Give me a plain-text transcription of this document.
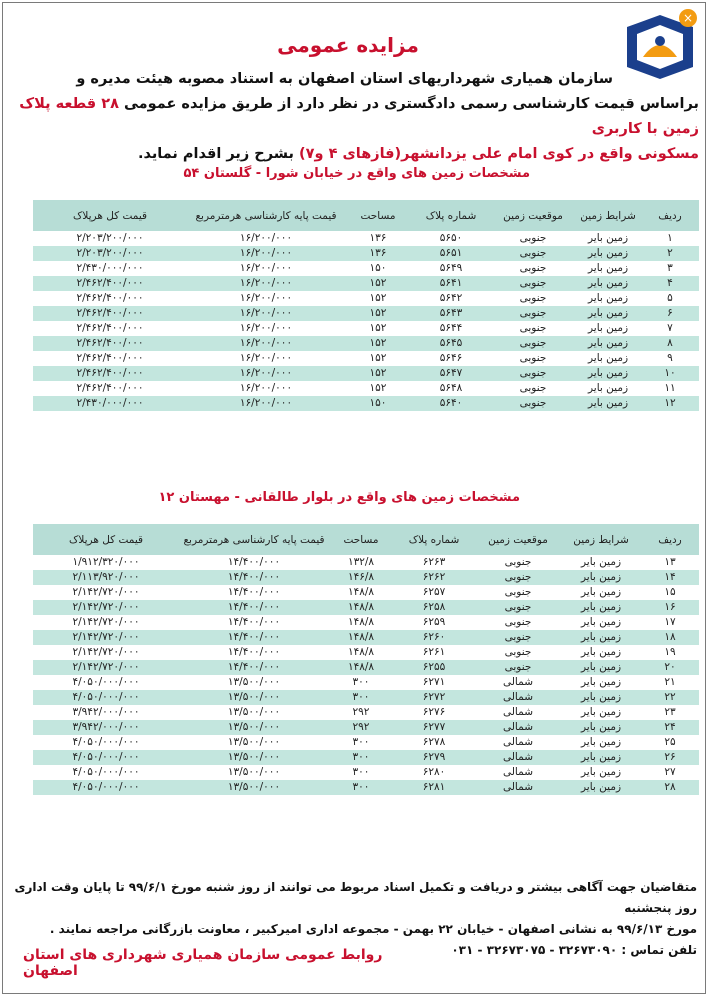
×
مزایده عمومی
سازمان همیاری شهرداریهای استان اصفهان به استناد مصوبه هیئت مدیره و
براساس قیمت کارشناسی رسمی دادگستری در نظر دارد از طریق مزایده عمومی ۲۸ قطعه پلاک زمین با کاربری
مسکونی واقع در کوی امام علی یزدانشهر(فازهای ۴ و۷) بشرح زیر اقدام نماید.
مشخصات زمین های واقع در خیابان شورا - گلستان ۵۴
ردیف	شرایط زمین	موقعیت زمین	شماره پلاک	مساحت	قیمت پایه کارشناسی هرمترمربع	قیمت کل هرپلاک
۱	زمین بایر	جنوبی	۵۶۵۰	۱۳۶	۱۶/۲۰۰/۰۰۰	۲/۲۰۳/۲۰۰/۰۰۰
۲	زمین بایر	جنوبی	۵۶۵۱	۱۳۶	۱۶/۲۰۰/۰۰۰	۲/۲۰۳/۲۰۰/۰۰۰
۳	زمین بایر	جنوبی	۵۶۴۹	۱۵۰	۱۶/۲۰۰/۰۰۰	۲/۴۳۰/۰۰۰/۰۰۰
۴	زمین بایر	جنوبی	۵۶۴۱	۱۵۲	۱۶/۲۰۰/۰۰۰	۲/۴۶۲/۴۰۰/۰۰۰
۵	زمین بایر	جنوبی	۵۶۴۲	۱۵۲	۱۶/۲۰۰/۰۰۰	۲/۴۶۲/۴۰۰/۰۰۰
۶	زمین بایر	جنوبی	۵۶۴۳	۱۵۲	۱۶/۲۰۰/۰۰۰	۲/۴۶۲/۴۰۰/۰۰۰
۷	زمین بایر	جنوبی	۵۶۴۴	۱۵۲	۱۶/۲۰۰/۰۰۰	۲/۴۶۲/۴۰۰/۰۰۰
۸	زمین بایر	جنوبی	۵۶۴۵	۱۵۲	۱۶/۲۰۰/۰۰۰	۲/۴۶۲/۴۰۰/۰۰۰
۹	زمین بایر	جنوبی	۵۶۴۶	۱۵۲	۱۶/۲۰۰/۰۰۰	۲/۴۶۲/۴۰۰/۰۰۰
۱۰	زمین بایر	جنوبی	۵۶۴۷	۱۵۲	۱۶/۲۰۰/۰۰۰	۲/۴۶۲/۴۰۰/۰۰۰
۱۱	زمین بایر	جنوبی	۵۶۴۸	۱۵۲	۱۶/۲۰۰/۰۰۰	۲/۴۶۲/۴۰۰/۰۰۰
۱۲	زمین بایر	جنوبی	۵۶۴۰	۱۵۰	۱۶/۲۰۰/۰۰۰	۲/۴۳۰/۰۰۰/۰۰۰
مشخصات زمین های واقع در بلوار طالقانی - مهستان ۱۲
ردیف	شرایط زمین	موقعیت زمین	شماره پلاک	مساحت	قیمت پایه کارشناسی هرمترمربع	قیمت کل هرپلاک
۱۳	زمین بایر	جنوبی	۶۲۶۳	۱۳۲/۸	۱۴/۴۰۰/۰۰۰	۱/۹۱۲/۳۲۰/۰۰۰
۱۴	زمین بایر	جنوبی	۶۲۶۲	۱۴۶/۸	۱۴/۴۰۰/۰۰۰	۲/۱۱۳/۹۲۰/۰۰۰
۱۵	زمین بایر	جنوبی	۶۲۵۷	۱۴۸/۸	۱۴/۴۰۰/۰۰۰	۲/۱۴۲/۷۲۰/۰۰۰
۱۶	زمین بایر	جنوبی	۶۲۵۸	۱۴۸/۸	۱۴/۴۰۰/۰۰۰	۲/۱۴۲/۷۲۰/۰۰۰
۱۷	زمین بایر	جنوبی	۶۲۵۹	۱۴۸/۸	۱۴/۴۰۰/۰۰۰	۲/۱۴۲/۷۲۰/۰۰۰
۱۸	زمین بایر	جنوبی	۶۲۶۰	۱۴۸/۸	۱۴/۴۰۰/۰۰۰	۲/۱۴۲/۷۲۰/۰۰۰
۱۹	زمین بایر	جنوبی	۶۲۶۱	۱۴۸/۸	۱۴/۴۰۰/۰۰۰	۲/۱۴۲/۷۲۰/۰۰۰
۲۰	زمین بایر	جنوبی	۶۲۵۵	۱۴۸/۸	۱۴/۴۰۰/۰۰۰	۲/۱۴۲/۷۲۰/۰۰۰
۲۱	زمین بایر	شمالی	۶۲۷۱	۳۰۰	۱۳/۵۰۰/۰۰۰	۴/۰۵۰/۰۰۰/۰۰۰
۲۲	زمین بایر	شمالی	۶۲۷۲	۳۰۰	۱۳/۵۰۰/۰۰۰	۴/۰۵۰/۰۰۰/۰۰۰
۲۳	زمین بایر	شمالی	۶۲۷۶	۲۹۲	۱۳/۵۰۰/۰۰۰	۳/۹۴۲/۰۰۰/۰۰۰
۲۴	زمین بایر	شمالی	۶۲۷۷	۲۹۲	۱۳/۵۰۰/۰۰۰	۳/۹۴۲/۰۰۰/۰۰۰
۲۵	زمین بایر	شمالی	۶۲۷۸	۳۰۰	۱۳/۵۰۰/۰۰۰	۴/۰۵۰/۰۰۰/۰۰۰
۲۶	زمین بایر	شمالی	۶۲۷۹	۳۰۰	۱۳/۵۰۰/۰۰۰	۴/۰۵۰/۰۰۰/۰۰۰
۲۷	زمین بایر	شمالی	۶۲۸۰	۳۰۰	۱۳/۵۰۰/۰۰۰	۴/۰۵۰/۰۰۰/۰۰۰
۲۸	زمین بایر	شمالی	۶۲۸۱	۳۰۰	۱۳/۵۰۰/۰۰۰	۴/۰۵۰/۰۰۰/۰۰۰
متقاضیان جهت آگاهی بیشتر و دریافت و تکمیل اسناد مربوط می توانند از روز شنبه مورخ ۹۹/۶/۱ تا پایان وقت اداری روز پنجشنبه
مورخ ۹۹/۶/۱۳ به نشانی اصفهان - خیابان ۲۲ بهمن - مجموعه اداری امیرکبیر ، معاونت بازرگانی مراجعه نمایند .
تلفن تماس : ۳۲۶۷۳۰۹۰ - ۳۲۶۷۳۰۷۵ - ۰۳۱
روابط عمومی سازمان همیاری شهرداری های استان اصفهان
